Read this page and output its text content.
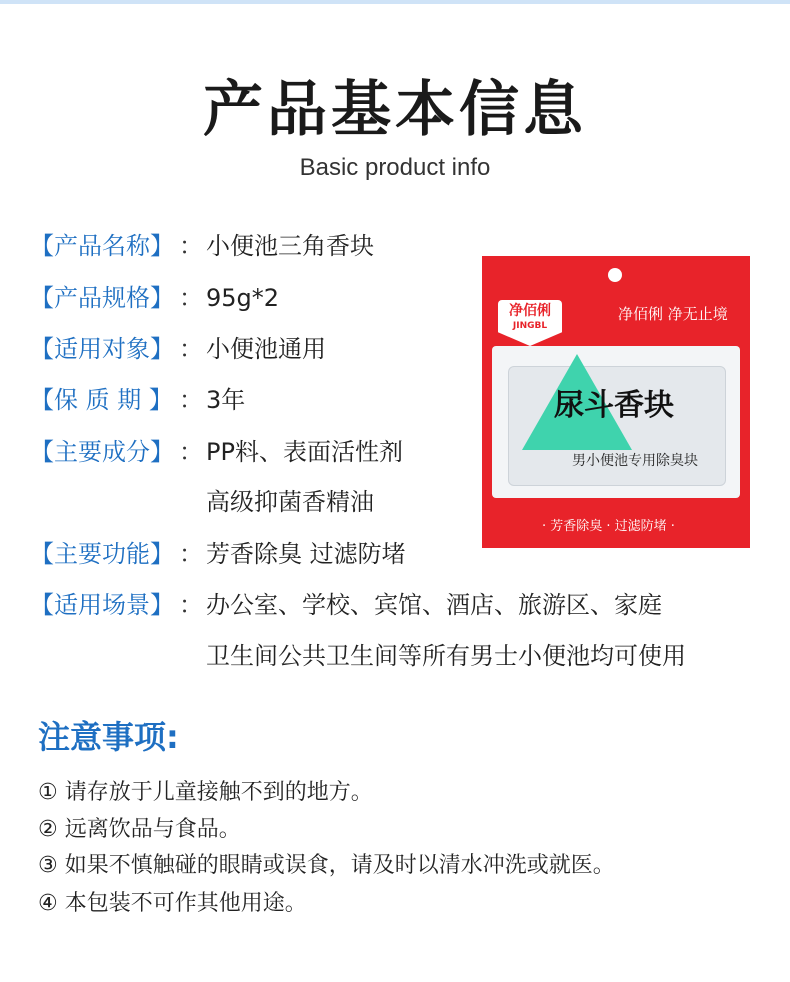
产品基本信息
Basic product info
【产品名称】 ： 小便池三角香块
【产品规格】 ： 95g*2
【适用对象】 ： 小便池通用
【保 质 期 】 ： 3年
【主要成分】 ： PP料、表面活性剂
高级抑菌香精油
【主要功能】 ： 芳香除臭 过滤防堵
【适用场景】 ： 办公室、学校、宾馆、酒店、旅游区、家庭
卫生间公共卫生间等所有男士小便池均可使用
净佰俐
JINGBL
净佰俐 净无止境
尿斗香块
男小便池专用除臭块
· 芳香除臭 · 过滤防堵 ·
注意事项:
① 请存放于儿童接触不到的地方。
② 远离饮品与食品。
③ 如果不慎触碰的眼睛或误食，请及时以清水冲洗或就医。
④ 本包装不可作其他用途。
